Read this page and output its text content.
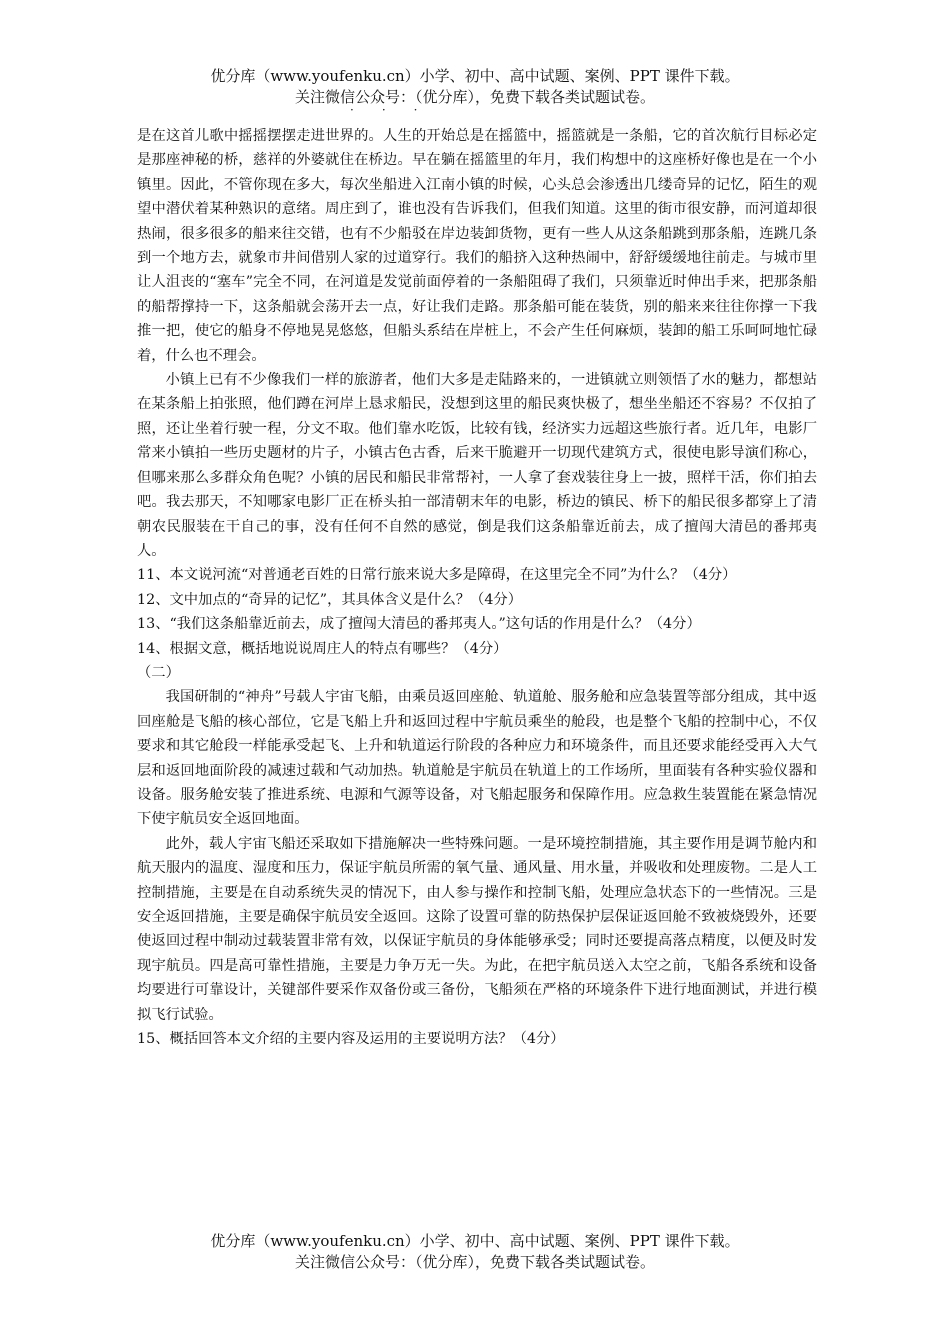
优分库（www.youfenku.cn）小学、初中、高中试题、案例、PPT 课件下载。
关注微信公众号：（优分库），免费下载各类试题试卷。
···

是在这首儿歌中摇摇摆摆走进世界的。人生的开始总是在摇篮中，摇篮就是一条船，它的首次航行目标必定是那座神秘的桥，慈祥的外婆就住在桥边。早在躺在摇篮里的年月，我们构想中的这座桥好像也是在一个小镇里。因此，不管你现在多大，每次坐船进入江南小镇的时候，心头总会渗透出几缕奇异的记忆，陌生的观望中潜伏着某种熟识的意绪。周庄到了，谁也没有告诉我们，但我们知道。这里的街市很安静，而河道却很热闹，很多很多的船来往交错，也有不少船驳在岸边装卸货物，更有一些人从这条船跳到那条船，连跳几条到一个地方去，就象市井间借别人家的过道穿行。我们的船挤入这种热闹中，舒舒缓缓地往前走。与城市里让人沮丧的“塞车”完全不同，在河道是发觉前面停着的一条船阻碍了我们，只须靠近时伸出手来，把那条船的船帮撑持一下，这条船就会荡开去一点，好让我们走路。那条船可能在装货，别的船来来往往你撑一下我推一把，使它的船身不停地晃晃悠悠，但船头系结在岸桩上，不会产生任何麻烦，装卸的船工乐呵呵地忙碌着，什么也不理会。

小镇上已有不少像我们一样的旅游者，他们大多是走陆路来的，一进镇就立则领悟了水的魅力，都想站在某条船上拍张照，他们蹲在河岸上恳求船民，没想到这里的船民爽快极了，想坐坐船还不容易？不仅拍了照，还让坐着行驶一程，分文不取。他们靠水吃饭，比较有钱，经济实力远超这些旅行者。近几年，电影厂常来小镇拍一些历史题材的片子，小镇古色古香，后来干脆避开一切现代建筑方式，很使电影导演们称心，但哪来那么多群众角色呢？小镇的居民和船民非常帮衬，一人拿了套戏装往身上一披，照样干活，你们拍去吧。我去那天，不知哪家电影厂正在桥头拍一部清朝末年的电影，桥边的镇民、桥下的船民很多都穿上了清朝农民服装在干自己的事，没有任何不自然的感觉，倒是我们这条船靠近前去，成了擅闯大清邑的番邦夷人。

11、本文说河流“对普通老百姓的日常行旅来说大多是障碍，在这里完全不同”为什么？（4分）

12、文中加点的“奇异的记忆”，其具体含义是什么？（4分）

13、“我们这条船靠近前去，成了擅闯大清邑的番邦夷人。”这句话的作用是什么？（4分）

14、根据文意，概括地说说周庄人的特点有哪些？（4分）

（二）

我国研制的“神舟”号载人宇宙飞船，由乘员返回座舱、轨道舱、服务舱和应急装置等部分组成，其中返回座舱是飞船的核心部位，它是飞船上升和返回过程中宇航员乘坐的舱段，也是整个飞船的控制中心，不仅要求和其它舱段一样能承受起飞、上升和轨道运行阶段的各种应力和环境条件，而且还要求能经受再入大气层和返回地面阶段的减速过载和气动加热。轨道舱是宇航员在轨道上的工作场所，里面装有各种实验仪器和设备。服务舱安装了推进系统、电源和气源等设备，对飞船起服务和保障作用。应急救生装置能在紧急情况下使宇航员安全返回地面。

此外，载人宇宙飞船还采取如下措施解决一些特殊问题。一是环境控制措施，其主要作用是调节舱内和航天服内的温度、湿度和压力，保证宇航员所需的氧气量、通风量、用水量，并吸收和处理废物。二是人工控制措施，主要是在自动系统失灵的情况下，由人参与操作和控制飞船，处理应急状态下的一些情况。三是安全返回措施，主要是确保宇航员安全返回。这除了设置可靠的防热保护层保证返回舱不致被烧毁外，还要使返回过程中制动过载装置非常有效，以保证宇航员的身体能够承受；同时还要提高落点精度，以便及时发现宇航员。四是高可靠性措施，主要是力争万无一失。为此，在把宇航员送入太空之前，飞船各系统和设备均要进行可靠设计，关键部件要采作双备份或三备份，飞船须在严格的环境条件下进行地面测试，并进行模拟飞行试验。

15、概括回答本文介绍的主要内容及运用的主要说明方法？（4分）

优分库（www.youfenku.cn）小学、初中、高中试题、案例、PPT 课件下载。
关注微信公众号：（优分库），免费下载各类试题试卷。
